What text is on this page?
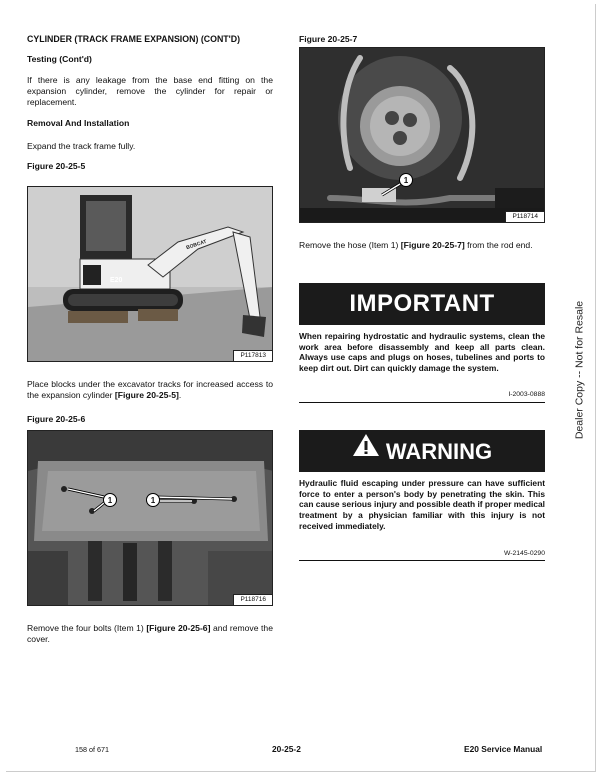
CYLINDER (TRACK FRAME EXPANSION) (CONT'D)
Testing (Cont'd)

If there is any leakage from the base end fitting on the expansion cylinder, remove the cylinder for repair or replacement.

Removal And Installation

Expand the track frame fully.

Figure 20-25-5
E20
BOBCAT
P117813

Place blocks under the excavator tracks for increased access to the expansion cylinder [Figure 20-25-5].

Figure 20-25-6
1	1
P118716

Remove the four bolts (Item 1) [Figure 20-25-6] and remove the cover.

Figure 20-25-7
1
P118714

Remove the hose (Item 1) [Figure 20-25-7] from the rod end.

IMPORTANT
When repairing hydrostatic and hydraulic systems, clean the work area before disassembly and keep all parts clean. Always use caps and plugs on hoses, tubelines and ports to keep dirt out. Dirt can quickly damage the system.
I-2003-0888
WARNING
Hydraulic fluid escaping under pressure can have sufficient force to enter a person's body by penetrating the skin. This can cause serious injury and possible death if proper medical treatment by a physician familiar with this injury is not received immediately.
W-2145-0290
Dealer Copy -- Not for Resale
158 of 671	20-25-2	E20 Service Manual
